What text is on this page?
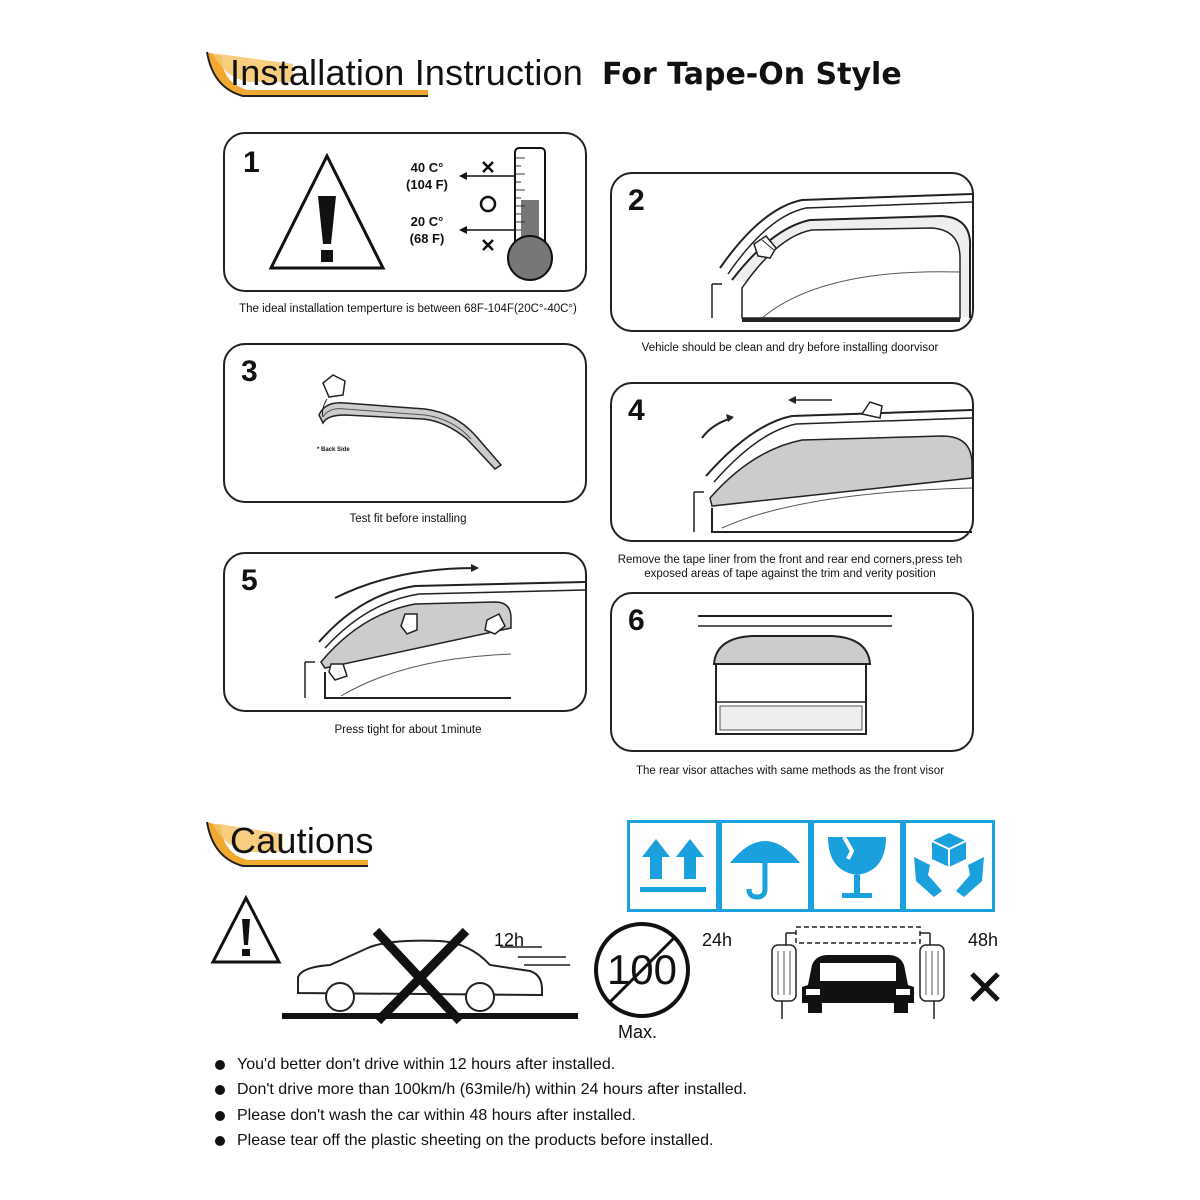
Installation Instruction For Tape-On Style
1	40 C°
(104 F)
20 C°
(68 F)
The ideal installation temperture is between 68F-104F(20C°-40C°)
2
Vehicle should be clean and dry before installing doorvisor
3
* Back Side
Test fit before installing
4
Remove the tape liner from the front and rear end corners,press teh
exposed areas of tape against the trim and verity position
5
Press tight for about 1minute
6
The rear visor attaches with same methods as the front visor
Cautions
12h
100
Max.
24h	48h
You'd better don't drive within 12 hours after installed.
Don't drive more than 100km/h (63mile/h) within 24 hours after installed.
Please don't wash the car within 48 hours after installed.
Please tear off the plastic sheeting on the products before installed.
